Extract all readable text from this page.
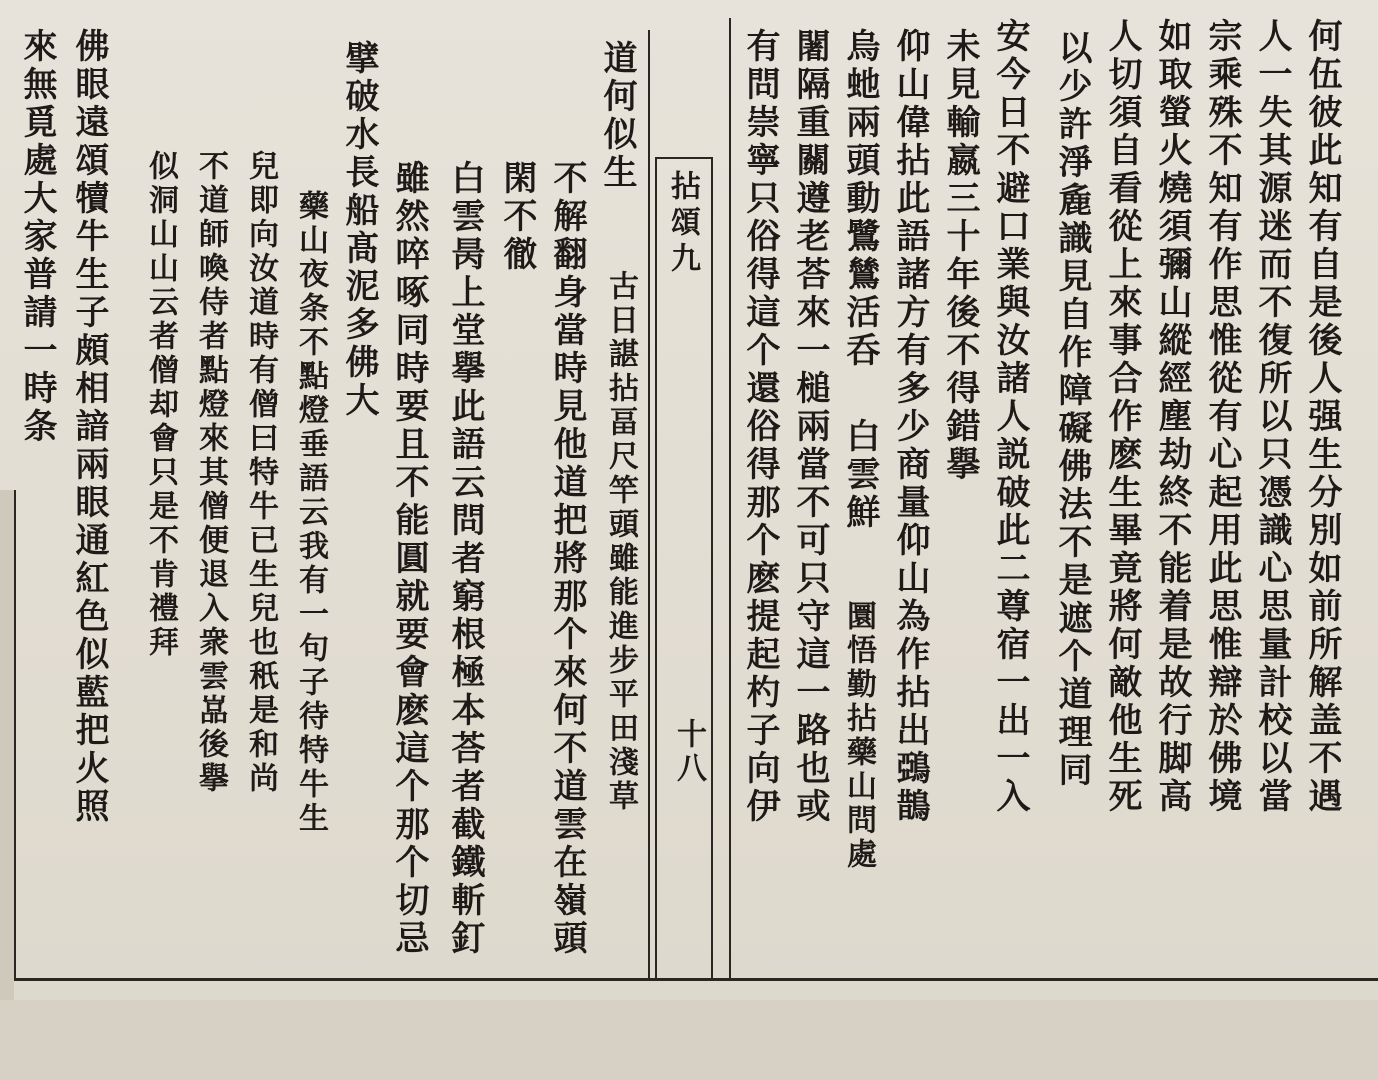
拈頌九
十八	何伍彼此知有自是後人强生分別如前所解盖不遇
人一失其源迷而不復所以只憑識心思量計校以當
宗乘殊不知有作思惟從有心起用此思惟辯於佛境
如取螢火燒須彌山縱經塵劫終不能着是故行脚高
人切須自看從上來事合作麽生畢竟將何敵他生死
以少許淨麁識見自作障礙佛法不是遮个道理同
安今日不避口業與汝諸人説破此二尊宿一出一入
未見輸嬴三十年後不得錯擧
仰山偉拈此語諸方有多少商量仰山為作拈出鵶鵲
烏虵兩頭動鷺鷥活呑
白雲鮮
圜悟勤拈藥山問處
闍隔重關遵老荅來一槌兩當不可只守這一路也或
有問崇寧只俗得這个還俗得那个麽提起杓子向伊
道何似生
古日諶拈畐尺竿頭雖能進步平田淺草
不解翻身當時見他道把將那个來何不道雲在嶺頭
閑不徹
雖然啐啄同時要且不能圓就要會麽這个那个切忌
擘破水長船髙泥多佛大 白雲昺上堂擧此語云問者窮根極本荅者截鐵斬釘
藥山夜条不點燈垂語云我有一句子待特牛生
兒即向汝道時有僧曰特牛已生兒也秖是和尚
不道師喚侍者點燈來其僧便退入衆雲嵓後擧
似洞山山云者僧却會只是不肯禮拜
佛眼遠頌犢牛生子頗相諳兩眼通紅色似藍把火照
來無覓處大家普請一時条
